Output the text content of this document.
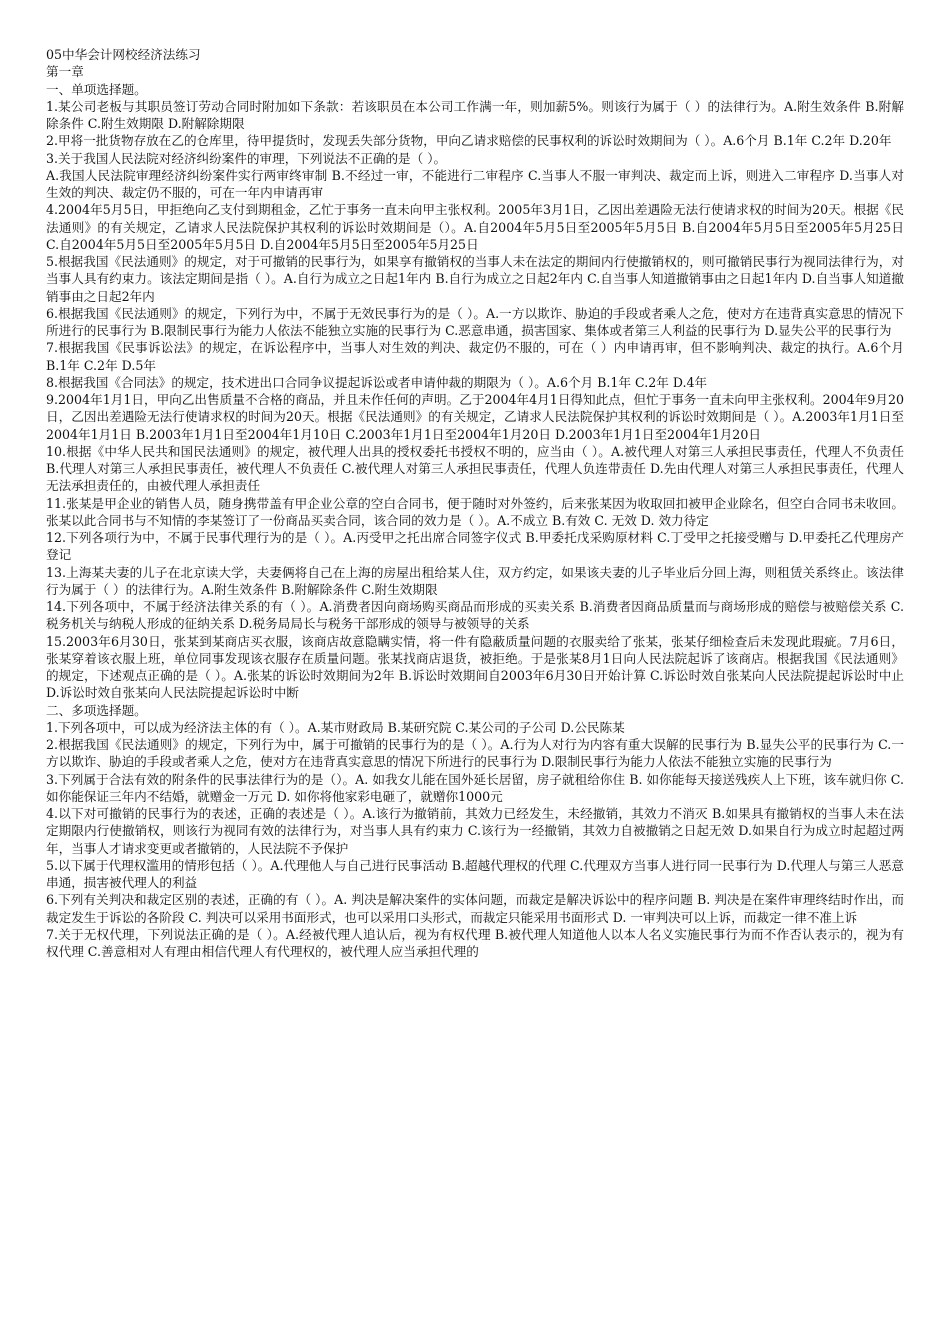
05中华会计网校经济法练习

第一章

一、单项选择题。

1.某公司老板与其职员签订劳动合同时附加如下条款：若该职员在本公司工作满一年，则加薪5%。则该行为属于（ ）的法律行为。A.附生效条件 B.附解除条件 C.附生效期限 D.附解除期限

2.甲将一批货物存放在乙的仓库里，待甲提货时，发现丢失部分货物，甲向乙请求赔偿的民事权利的诉讼时效期间为（ ）。A.6个月 B.1年 C.2年 D.20年

3.关于我国人民法院对经济纠纷案件的审理，下列说法不正确的是（ ）。

A.我国人民法院审理经济纠纷案件实行两审终审制 B.不经过一审，不能进行二审程序 C.当事人不服一审判决、裁定而上诉，则进入二审程序 D.当事人对生效的判决、裁定仍不服的，可在一年内申请再审

4.2004年5月5日，甲拒绝向乙支付到期租金，乙忙于事务一直未向甲主张权利。2005年3月1日，乙因出差遇险无法行使请求权的时间为20天。根据《民法通则》的有关规定，乙请求人民法院保护其权利的诉讼时效期间是（）。A.自2004年5月5日至2005年5月5日 B.自2004年5月5日至2005年5月25日 C.自2004年5月5日至2005年5月5日 D.自2004年5月5日至2005年5月25日

5.根据我国《民法通则》的规定，对于可撤销的民事行为，如果享有撤销权的当事人未在法定的期间内行使撤销权的，则可撤销民事行为视同法律行为，对当事人具有约束力。该法定期间是指（ ）。A.自行为成立之日起1年内 B.自行为成立之日起2年内 C.自当事人知道撤销事由之日起1年内 D.自当事人知道撤销事由之日起2年内

6.根据我国《民法通则》的规定，下列行为中，不属于无效民事行为的是（ ）。A.一方以欺诈、胁迫的手段或者乘人之危，使对方在违背真实意思的情况下所进行的民事行为 B.限制民事行为能力人依法不能独立实施的民事行为 C.恶意串通，损害国家、集体或者第三人利益的民事行为 D.显失公平的民事行为

7.根据我国《民事诉讼法》的规定，在诉讼程序中，当事人对生效的判决、裁定仍不服的，可在（ ）内申请再审，但不影响判决、裁定的执行。A.6个月 B.1年 C.2年 D.5年

8.根据我国《合同法》的规定，技术进出口合同争议提起诉讼或者申请仲裁的期限为（ ）。A.6个月 B.1年 C.2年 D.4年

9.2004年1月1日，甲向乙出售质量不合格的商品，并且未作任何的声明。乙于2004年4月1日得知此点，但忙于事务一直未向甲主张权利。2004年9月20日，乙因出差遇险无法行使请求权的时间为20天。根据《民法通则》的有关规定，乙请求人民法院保护其权利的诉讼时效期间是（ ）。A.2003年1月1日至2004年1月1日 B.2003年1月1日至2004年1月10日 C.2003年1月1日至2004年1月20日 D.2003年1月1日至2004年1月20日

10.根据《中华人民共和国民法通则》的规定，被代理人出具的授权委托书授权不明的，应当由（ ）。A.被代理人对第三人承担民事责任，代理人不负责任 B.代理人对第三人承担民事责任，被代理人不负责任 C.被代理人对第三人承担民事责任，代理人负连带责任 D.先由代理人对第三人承担民事责任，代理人无法承担责任的，由被代理人承担责任

11.张某是甲企业的销售人员，随身携带盖有甲企业公章的空白合同书，便于随时对外签约，后来张某因为收取回扣被甲企业除名，但空白合同书未收回。张某以此合同书与不知情的李某签订了一份商品买卖合同，该合同的效力是（ ）。A.不成立 B.有效 C. 无效 D. 效力待定

12.下列各项行为中，不属于民事代理行为的是（ ）。A.丙受甲之托出席合同签字仪式 B.甲委托戊采购原材料 C.丁受甲之托接受赠与 D.甲委托乙代理房产登记

13.上海某夫妻的儿子在北京读大学，夫妻俩将自己在上海的房屋出租给某人住，双方约定，如果该夫妻的儿子毕业后分回上海，则租赁关系终止。该法律行为属于（ ）的法律行为。A.附生效条件 B.附解除条件 C.附生效期限

14.下列各项中，不属于经济法律关系的有（ ）。A.消费者因向商场购买商品而形成的买卖关系 B.消费者因商品质量而与商场形成的赔偿与被赔偿关系 C.税务机关与纳税人形成的征纳关系 D.税务局局长与税务干部形成的领导与被领导的关系

15.2003年6月30日，张某到某商店买衣服，该商店故意隐瞒实情，将一件有隐蔽质量问题的衣服卖给了张某，张某仔细检查后未发现此瑕疵。7月6日，张某穿着该衣服上班，单位同事发现该衣服存在质量问题。张某找商店退货，被拒绝。于是张某8月1日向人民法院起诉了该商店。根据我国《民法通则》的规定，下述观点正确的是（ ）。A.张某的诉讼时效期间为2年 B.诉讼时效期间自2003年6月30日开始计算 C.诉讼时效自张某向人民法院提起诉讼时中止 D.诉讼时效自张某向人民法院提起诉讼时中断

二、多项选择题。

1.下列各项中，可以成为经济法主体的有（ ）。A.某市财政局 B.某研究院 C.某公司的子公司 D.公民陈某

2.根据我国《民法通则》的规定，下列行为中，属于可撤销的民事行为的是（ ）。A.行为人对行为内容有重大误解的民事行为 B.显失公平的民事行为 C.一方以欺诈、胁迫的手段或者乘人之危，使对方在违背真实意思的情况下所进行的民事行为 D.限制民事行为能力人依法不能独立实施的民事行为

3.下列属于合法有效的附条件的民事法律行为的是（）。A. 如我女儿能在国外延长居留，房子就租给你住 B. 如你能每天接送残疾人上下班，该车就归你 C. 如你能保证三年内不结婚，就赠金一万元 D. 如你将他家彩电砸了，就赠你1000元

4.以下对可撤销的民事行为的表述，正确的表述是（ ）。A.该行为撤销前，其效力已经发生，未经撤销，其效力不消灭 B.如果具有撤销权的当事人未在法定期限内行使撤销权，则该行为视同有效的法律行为，对当事人具有约束力 C.该行为一经撤销，其效力自被撤销之日起无效 D.如果自行为成立时起超过两年，当事人才请求变更或者撤销的，人民法院不予保护

5.以下属于代理权滥用的情形包括（ ）。A.代理他人与自己进行民事活动 B.超越代理权的代理 C.代理双方当事人进行同一民事行为 D.代理人与第三人恶意串通，损害被代理人的利益

6.下列有关判决和裁定区别的表述，正确的有（ ）。A. 判决是解决案件的实体问题，而裁定是解决诉讼中的程序问题 B. 判决是在案件审理终结时作出，而裁定发生于诉讼的各阶段 C. 判决可以采用书面形式，也可以采用口头形式，而裁定只能采用书面形式 D. 一审判决可以上诉，而裁定一律不准上诉

7.关于无权代理，下列说法正确的是（ ）。A.经被代理人追认后，视为有权代理 B.被代理人知道他人以本人名义实施民事行为而不作否认表示的，视为有权代理 C.善意相对人有理由相信代理人有代理权的，被代理人应当承担代理的
